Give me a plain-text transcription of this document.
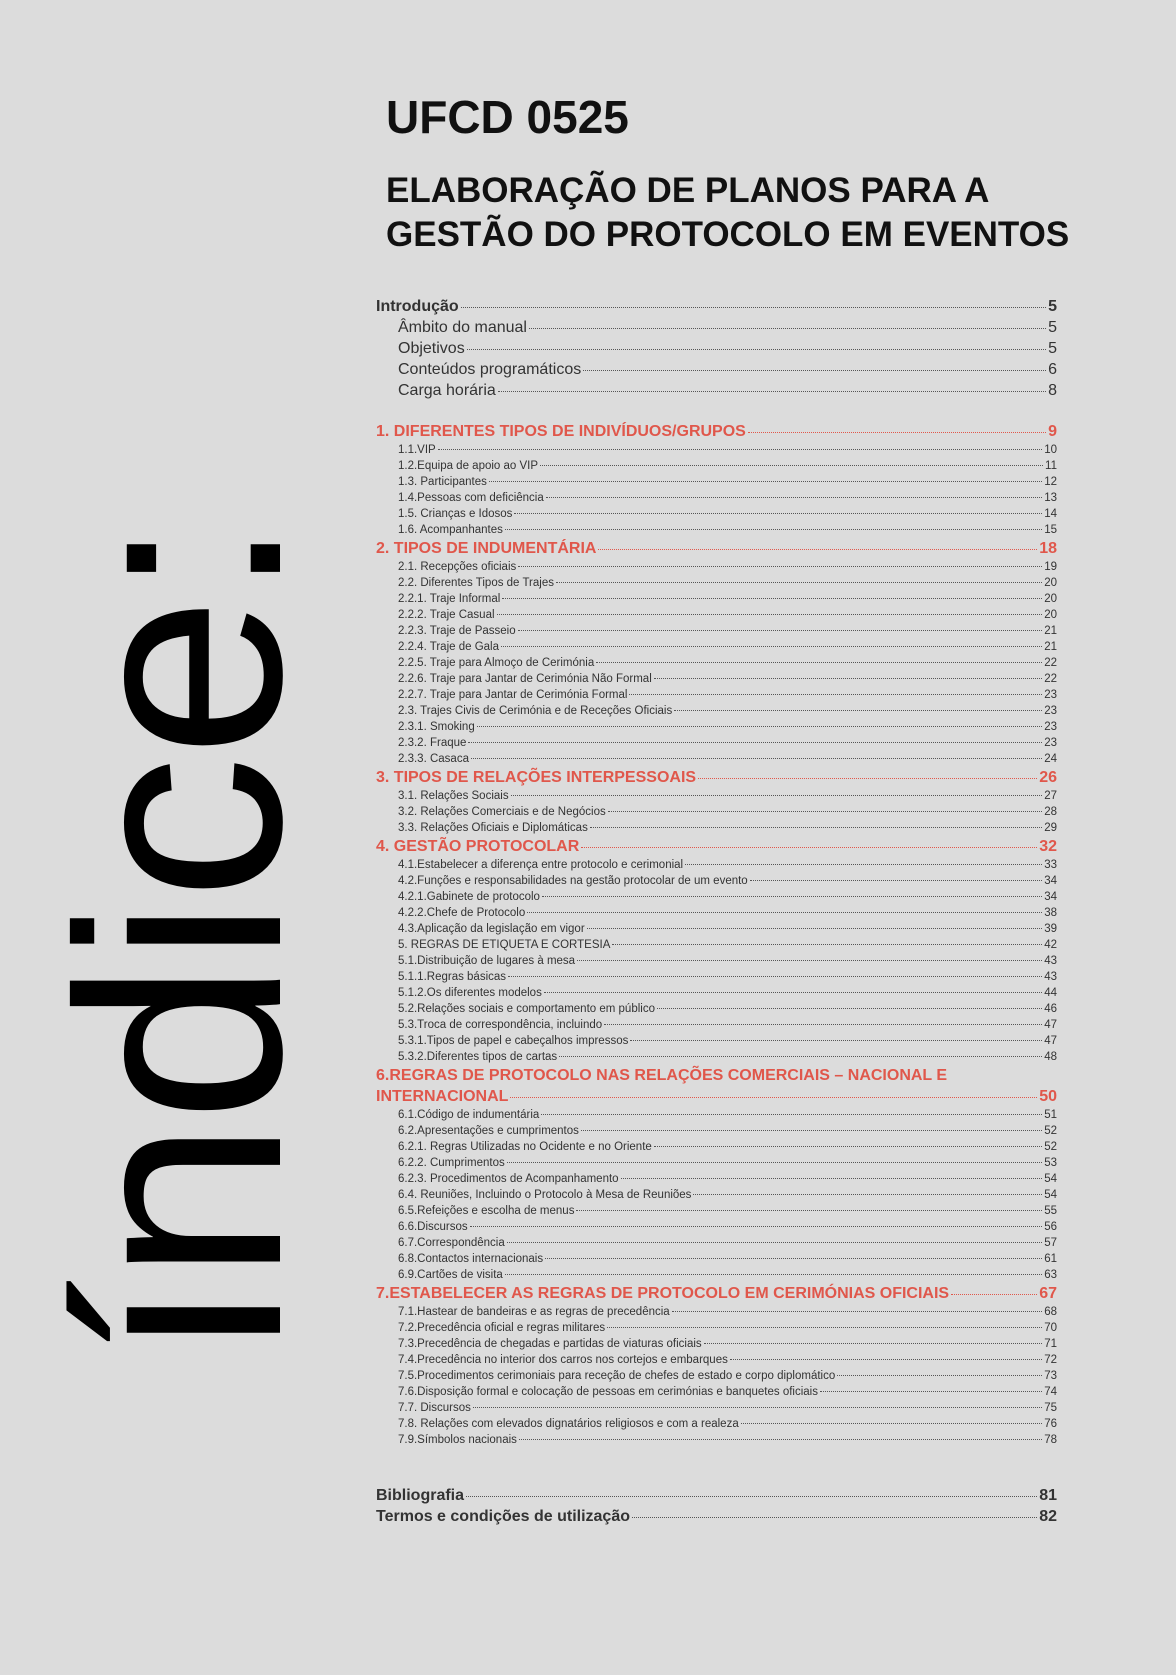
índice:
UFCD 0525
ELABORAÇÃO DE PLANOS PARA A
GESTÃO DO PROTOCOLO EM EVENTOS
Introdução	5
Âmbito do manual	5
Objetivos	5
Conteúdos programáticos	6
Carga horária	8
1. DIFERENTES TIPOS DE INDIVÍDUOS/GRUPOS	9
1.1.VIP	10
1.2.Equipa de apoio ao VIP	11
1.3. Participantes	12
1.4.Pessoas com deficiência	13
1.5. Crianças e Idosos	14
1.6. Acompanhantes	15
2. TIPOS DE INDUMENTÁRIA	18
2.1. Recepções oficiais	19
2.2. Diferentes Tipos de Trajes	20
2.2.1. Traje Informal	20
2.2.2. Traje Casual	20
2.2.3. Traje de Passeio	21
2.2.4. Traje de Gala	21
2.2.5. Traje para Almoço de Cerimónia	22
2.2.6. Traje para Jantar de Cerimónia Não Formal	22
2.2.7. Traje para Jantar de Cerimónia Formal	23
2.3. Trajes Civis de Cerimónia e de Receções Oficiais	23
2.3.1. Smoking	23
2.3.2. Fraque	23
2.3.3. Casaca	24
3. TIPOS DE RELAÇÕES INTERPESSOAIS	26
3.1. Relações Sociais	27
3.2. Relações Comerciais e de Negócios	28
3.3. Relações Oficiais e Diplomáticas	29
4. GESTÃO PROTOCOLAR	32
4.1.Estabelecer a diferença entre protocolo e cerimonial	33
4.2.Funções e responsabilidades na gestão protocolar de um evento	34
4.2.1.Gabinete de protocolo	34
4.2.2.Chefe de Protocolo	38
4.3.Aplicação da legislação em vigor	39
5. REGRAS DE ETIQUETA E CORTESIA	42
5.1.Distribuição de lugares à mesa	43
5.1.1.Regras básicas	43
5.1.2.Os diferentes modelos	44
5.2.Relações sociais e comportamento em público	46
5.3.Troca de correspondência, incluindo	47
5.3.1.Tipos de papel e cabeçalhos impressos	47
5.3.2.Diferentes tipos de cartas	48
6.REGRAS DE PROTOCOLO NAS RELAÇÕES COMERCIAIS – NACIONAL E
INTERNACIONAL	50
6.1.Código de indumentária	51
6.2.Apresentações e cumprimentos	52
6.2.1. Regras Utilizadas no Ocidente e no Oriente	52
6.2.2. Cumprimentos	53
6.2.3. Procedimentos de Acompanhamento	54
6.4. Reuniões, Incluindo o Protocolo à Mesa de Reuniões	54
6.5.Refeições e escolha de menus	55
6.6.Discursos	56
6.7.Correspondência	57
6.8.Contactos internacionais	61
6.9.Cartões de visita	63
7.ESTABELECER AS REGRAS DE PROTOCOLO EM CERIMÓNIAS OFICIAIS	67
7.1.Hastear de bandeiras e as regras de precedência	68
7.2.Precedência oficial e regras militares	70
7.3.Precedência de chegadas e partidas de viaturas oficiais	71
7.4.Precedência no interior dos carros nos cortejos e embarques	72
7.5.Procedimentos cerimoniais para receção de chefes de estado e corpo diplomático	73
7.6.Disposição formal e colocação de pessoas em cerimónias e banquetes oficiais	74
7.7. Discursos	75
7.8. Relações com elevados dignatários religiosos e com a realeza	76
7.9.Símbolos nacionais	78
Bibliografia	81
Termos e condições de utilização	82
